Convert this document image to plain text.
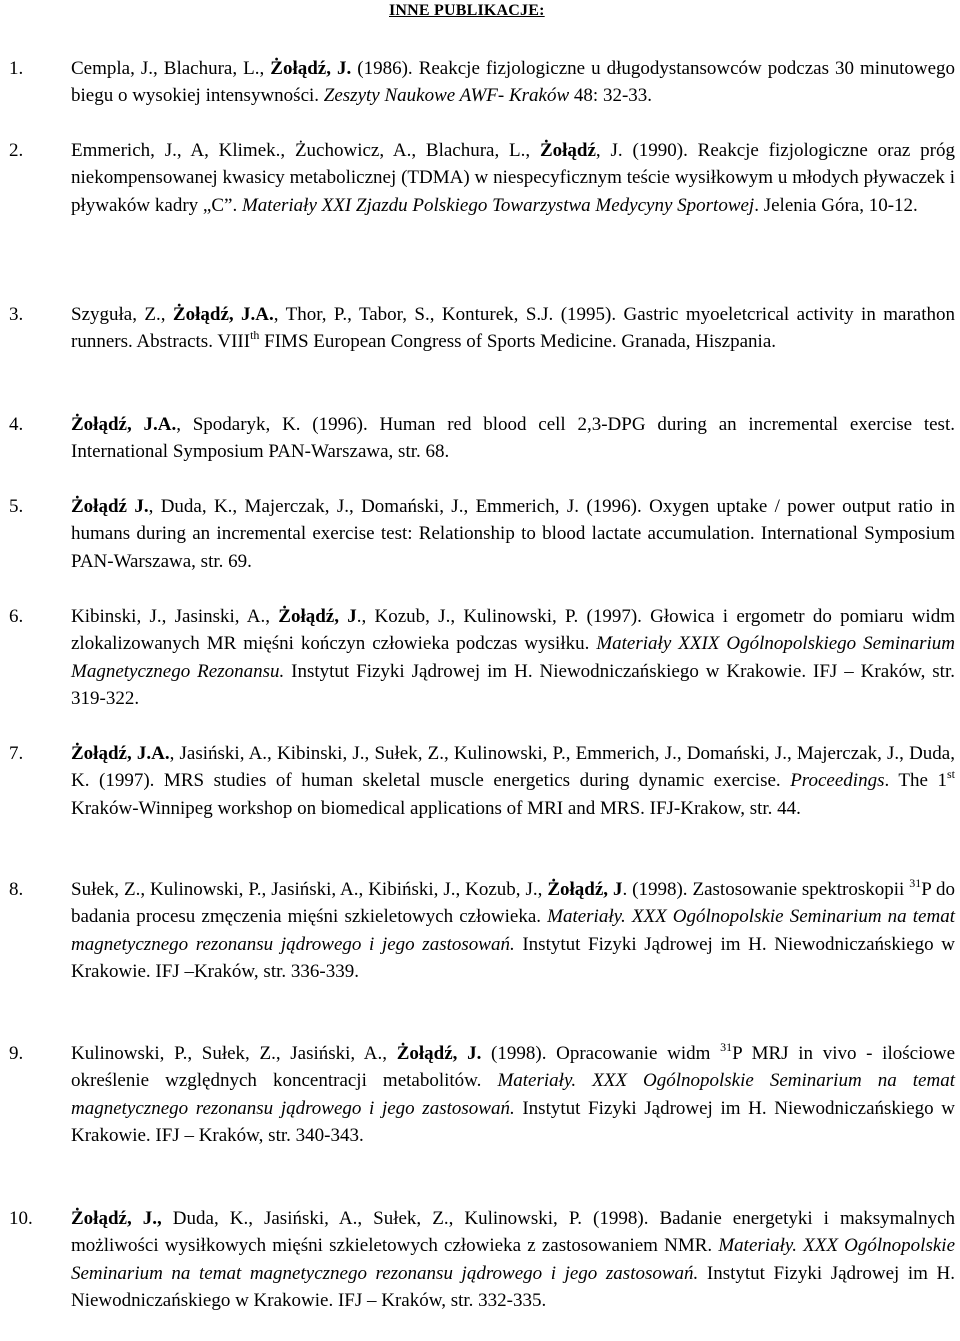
INNE PUBLIKACJE:
1.	Cempla, J., Blachura, L., Żołądź, J. (1986). Reakcje fizjologiczne u długodystansowców podczas 30 minutowego biegu o wysokiej intensywności. Zeszyty Naukowe AWF- Kraków 48: 32-33.
2.	Emmerich, J., A, Klimek., Żuchowicz, A., Blachura, L., Żołądź, J. (1990). Reakcje fizjologiczne oraz próg niekompensowanej kwasicy metabolicznej (TDMA) w niespecyficznym teście wysiłkowym u młodych pływaczek i pływaków kadry „C”. Materiały XXI Zjazdu Polskiego Towarzystwa Medycyny Sportowej. Jelenia Góra, 10-12.
3.	Szyguła, Z., Żołądź, J.A., Thor, P., Tabor, S., Konturek, S.J. (1995). Gastric myoeletcrical activity in marathon runners. Abstracts. VIIIth FIMS European Congress of Sports Medicine. Granada, Hiszpania.
4.	Żołądź, J.A., Spodaryk, K. (1996). Human red blood cell 2,3-DPG during an incremental exercise test. International Symposium PAN-Warszawa, str. 68.
5.	Żołądź J., Duda, K., Majerczak, J., Domański, J., Emmerich, J. (1996). Oxygen uptake / power output ratio in humans during an incremental exercise test: Relationship to blood lactate accumulation. International Symposium PAN-Warszawa, str. 69.
6.	Kibinski, J., Jasinski, A., Żołądź, J., Kozub, J., Kulinowski, P. (1997). Głowica i ergometr do pomiaru widm zlokalizowanych MR mięśni kończyn człowieka podczas wysiłku. Materiały XXIX Ogólnopolskiego Seminarium Magnetycznego Rezonansu. Instytut Fizyki Jądrowej im H. Niewodniczańskiego w Krakowie. IFJ – Kraków, str. 319-322.
7.	Żołądź, J.A., Jasiński, A., Kibinski, J., Sułek, Z., Kulinowski, P., Emmerich, J., Domański, J., Majerczak, J., Duda, K. (1997). MRS studies of human skeletal muscle energetics during dynamic exercise. Proceedings. The 1st Kraków-Winnipeg workshop on biomedical applications of MRI and MRS. IFJ-Krakow, str. 44.
8.	Sułek, Z., Kulinowski, P., Jasiński, A., Kibiński, J., Kozub, J., Żołądź, J. (1998). Zastosowanie spektroskopii $^{31}$P do badania procesu zmęczenia mięśni szkieletowych człowieka. Materiały. XXX Ogólnopolskie Seminarium na temat magnetycznego rezonansu jądrowego i jego zastosowań. Instytut Fizyki Jądrowej im H. Niewodniczańskiego w Krakowie. IFJ –Kraków, str. 336-339.
9.	Kulinowski, P., Sułek, Z., Jasiński, A., Żołądź, J. (1998). Opracowanie widm $^{31}$P MRJ in vivo - ilościowe określenie względnych koncentracji metabolitów. Materiały. XXX Ogólnopolskie Seminarium na temat magnetycznego rezonansu jądrowego i jego zastosowań. Instytut Fizyki Jądrowej im H. Niewodniczańskiego w Krakowie. IFJ – Kraków, str. 340-343.
10. Żołądź, J., Duda, K., Jasiński, A., Sułek, Z., Kulinowski, P. (1998). Badanie energetyki i maksymalnych możliwości wysiłkowych mięśni szkieletowych człowieka z zastosowaniem NMR. Materiały. XXX Ogólnopolskie Seminarium na temat magnetycznego rezonansu jądrowego i jego zastosowań. Instytut Fizyki Jądrowej im H. Niewodniczańskiego w Krakowie. IFJ – Kraków, str. 332-335.
